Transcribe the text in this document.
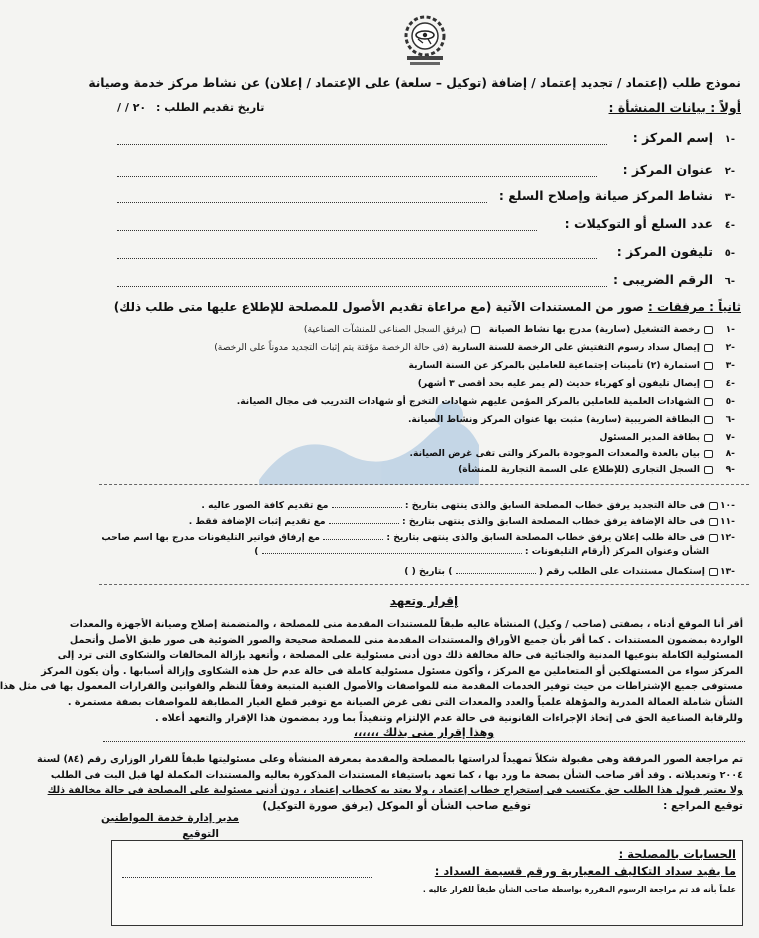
نموذج طلب (إعتماد / تجديد إعتماد / إضافة (توكيل – سلعة) على الإعتماد / إعلان) عن نشاط مركز خدمة وصيانة
أولاً : بيانات المنشأة :
/ / ٢٠ تاريخ تقديم الطلب :
-١إسم المركز :
-٢عنوان المركز :
-٣نشاط المركز صيانة وإصلاح السلع :
-٤عدد السلع أو التوكيلات :
-٥تليفون المركز :
-٦الرقم الضريبى :
ثانياً : مرفقات : صور من المستندات الآتية (مع مراعاة تقديم الأصول للمصلحة للإطلاع عليها متى طلب ذلك)
-١رخصة التشغيل (سارية) مدرج بها نشاط الصيانة (يرفق السجل الصناعى للمنشآت الصناعية)
-٢إيصال سداد رسوم التفتيش على الرخصة للسنة السارية (فى حالة الرخصة مؤقتة يتم إثبات التجديد مدوناً على الرخصة)
-٣استمارة (٢) تأمينات إجتماعية للعاملين بالمركز عن السنة السارية
-٤إيصال تليفون أو كهرباء حديث (لم يمر عليه بحد أقصى ٣ أشهر)
-٥الشهادات العلمية للعاملين بالمركز المؤمن عليهم شهادات التخرج أو شهادات التدريب فى مجال الصيانة.
-٦البطاقة الضريبية (سارية) مثبت بها عنوان المركز ونشاط الصيانة.
-٧بطاقة المدير المسئول
-٨بيان بالعدة والمعدات الموجودة بالمركز والتى تفى غرض الصيانة.
-٩السجل التجارى (للإطلاع على السمة التجارية للمنشأة)
-١٠فى حالة التجديد يرفق خطاب المصلحة السابق والذى ينتهى بتاريخ :  مع تقديم كافة الصور عاليه .
-١١فى حالة الإضافة يرفق خطاب المصلحة السابق والذى ينتهى بتاريخ :  مع تقديم إثبات الإضافة فقط .
-١٢فى حالة طلب إعلان يرفق خطاب المصلحة السابق والذى ينتهى بتاريخ :  مع إرفاق فواتير التليفونات مدرج بها اسم صاحب
الشأن وعنوان المركز (أرقام التليفونات :  )
-١٣إستكمال مستندات على الطلب رقم (  ) بتاريخ ( )
إقرار وتعهد
أقر أنا الموقع أدناه ، بصفتى (صاحب / وكيل) المنشأة عاليه طبقاً للمستندات المقدمة منى للمصلحة ، والمتضمنة إصلاح وصيانة الأجهزة والمعدات
الواردة بمضمون المستندات . كما أقر بأن جميع الأوراق والمستندات المقدمة منى للمصلحة صحيحة والصور الضوئية هى صور طبق الأصل وأتحمل
المسئولية الكاملة بنوعيها المدنية والجنائية فى حالة مخالفة ذلك دون أدنى مسئولية على المصلحة ، وأتعهد بإزالة المخالفات والشكاوى التى ترد إلى
المركز سواء من المستهلكين أو المتعاملين مع المركز ، وأكون مسئول مسئولية كاملة فى حالة عدم حل هذه الشكاوى وإزالة أسبابها . وأن يكون المركز
مستوفى جميع الإشتراطات من حيث توفير الخدمات المقدمة منه للمواصفات والأصول الفنية المتبعة وفقاً للنظم والقوانين والقرارات المعمول بها فى مثل هذا
الشأن شاملة العمالة المدربة والمؤهلة علمياً والعدد والمعدات التى تفى غرض الصيانة مع توفير قطع الغيار المطابقة للمواصفات بصفة مستمرة .
وللرقابة الصناعية الحق فى إتخاذ الإجراءات القانونية فى حالة عدم الإلتزام وتنفيذاً بما ورد بمضمون هذا الإقرار والتعهد أعلاه .
وهذا إقرار منى بذلك ،،،،،،
تم مراجعة الصور المرفقة وهى مقبولة شكلاً تمهيداً لدراستها بالمصلحة والمقدمة بمعرفة المنشأة وعلى مسئوليتها طبقاً للقرار الوزارى رقم (٨٤) لسنة
٢٠٠٤ وتعديلاته . وقد أقر صاحب الشأن بصحة ما ورد بها ، كما تعهد باستيفاء المستندات المذكورة بعاليه والمستندات المكملة لها قبل البت فى الطلب
ولا يعتبر قبول هذا الطلب حق مكتسب فى إستخراج خطاب إعتماد ، ولا يعتد به كخطاب إعتماد ، دون أدنى مسئولية على المصلحة فى حالة مخالفة ذلك
توقيع المراجع :
توقيع صاحب الشأن أو الموكل (يرفق صورة التوكيل)
مدير إدارة خدمة المواطنين
التوقيع
الحسابات بالمصلحة :
ما يفيد سداد التكاليف المعيارية ورقم قسيمة السداد :
علماً بأنه قد تم مراجعة الرسوم المقررة بواسطة صاحب الشأن طبقاً للقرار عاليه .
